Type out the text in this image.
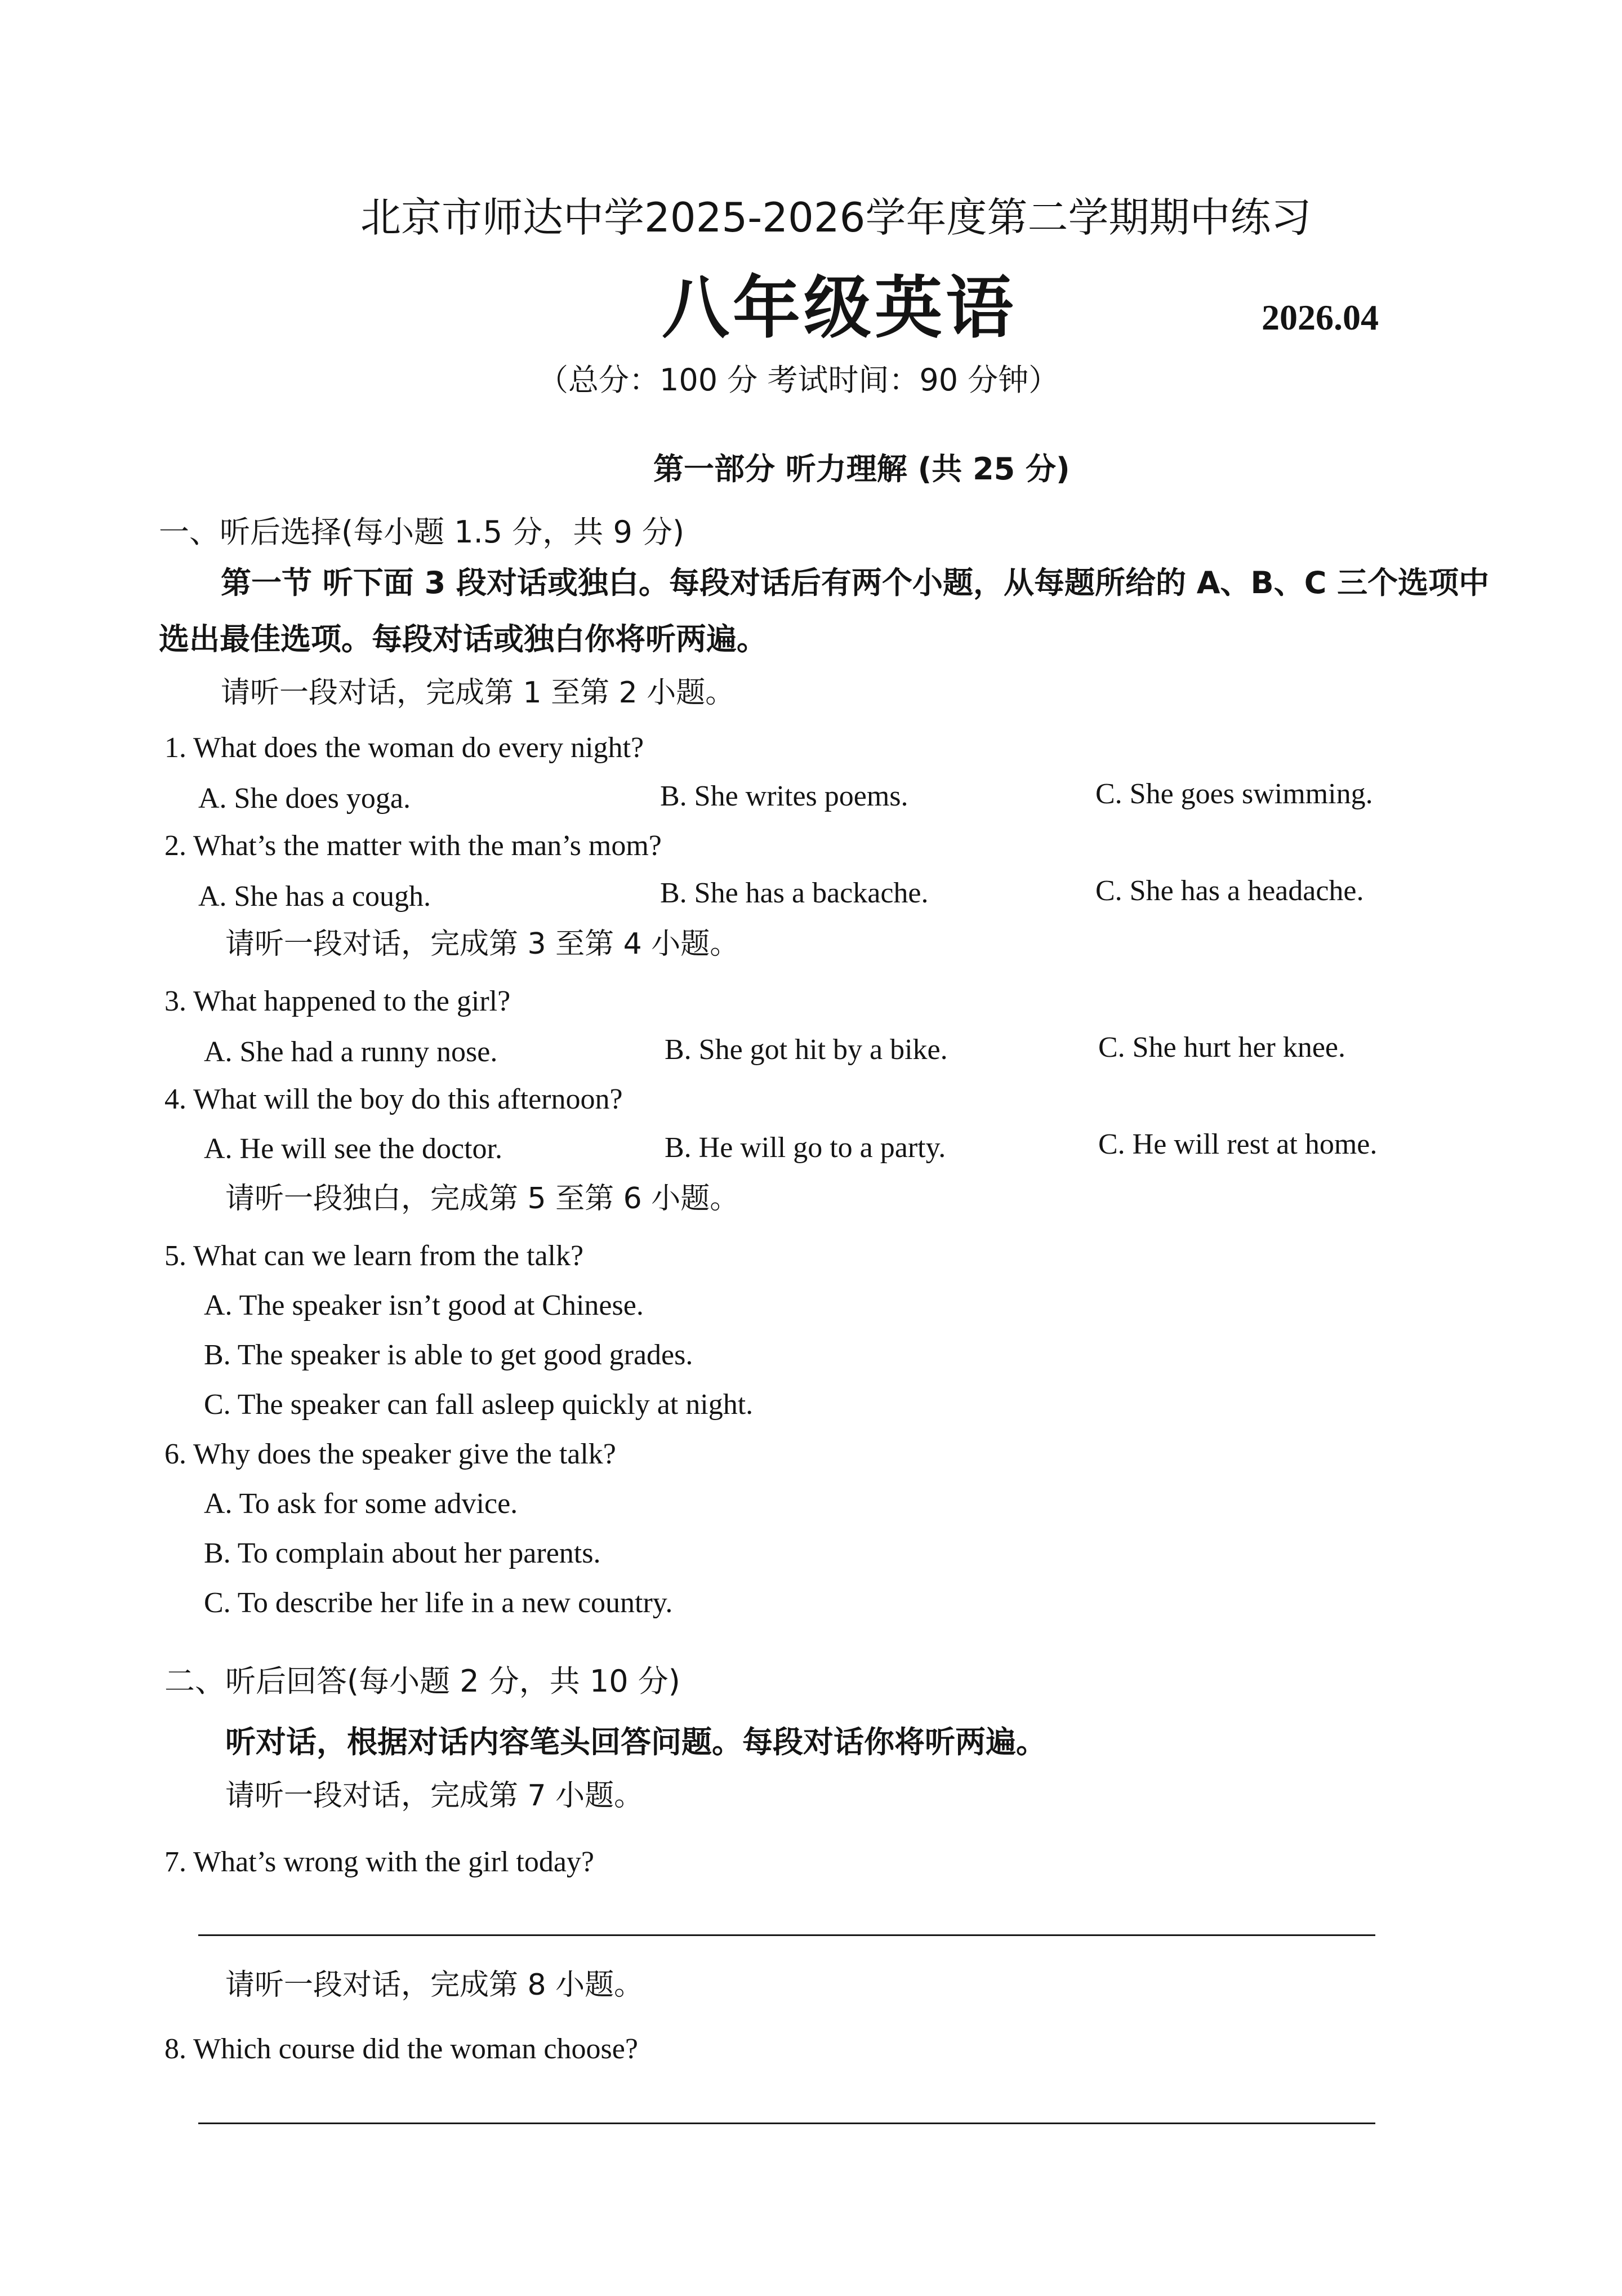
北京市师达中学2025-2026学年度第二学期期中练习
八年级英语	2026.04
（总分：100 分 考试时间：90 分钟）
第一部分 听力理解 (共 25 分)
一、听后选择(每小题 1.5 分，共 9 分)
第一节 听下面 3 段对话或独白。每段对话后有两个小题，从每题所给的 A、B、C 三个选项中
选出最佳选项。每段对话或独白你将听两遍。
请听一段对话，完成第 1 至第 2 小题。
1. What does the woman do every night?
A. She does yoga.	B. She writes poems.	C. She goes swimming.
2. What’s the matter with the man’s mom?
A. She has a cough.	B. She has a backache.	C. She has a headache.
请听一段对话，完成第 3 至第 4 小题。
3. What happened to the girl?
A. She had a runny nose.	B. She got hit by a bike.	C. She hurt her knee.
4. What will the boy do this afternoon?
A. He will see the doctor.	B. He will go to a party.	C. He will rest at home.
请听一段独白，完成第 5 至第 6 小题。
5. What can we learn from the talk?
A. The speaker isn’t good at Chinese.
B. The speaker is able to get good grades.
C. The speaker can fall asleep quickly at night.
6. Why does the speaker give the talk?
A. To ask for some advice.
B. To complain about her parents.
C. To describe her life in a new country.
二、听后回答(每小题 2 分，共 10 分)
听对话，根据对话内容笔头回答问题。每段对话你将听两遍。
请听一段对话，完成第 7 小题。
7. What’s wrong with the girl today?
请听一段对话，完成第 8 小题。
8. Which course did the woman choose?
